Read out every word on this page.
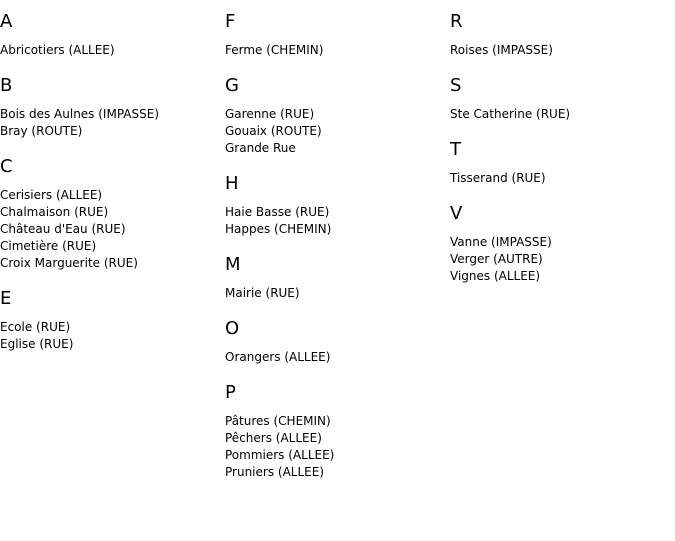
A
Abricotiers (ALLEE)
B
Bois des Aulnes (IMPASSE)
Bray (ROUTE)
C
Cerisiers (ALLEE)
Chalmaison (RUE)
Château d'Eau (RUE)
Cimetière (RUE)
Croix Marguerite (RUE)
E
Ecole (RUE)
Eglise (RUE)
F
Ferme (CHEMIN)
G
Garenne (RUE)
Gouaix (ROUTE)
Grande Rue
H
Haie Basse (RUE)
Happes (CHEMIN)
M
Mairie (RUE)
O
Orangers (ALLEE)
P
Pâtures (CHEMIN)
Pêchers (ALLEE)
Pommiers (ALLEE)
Pruniers (ALLEE)
R
Roises (IMPASSE)
S
Ste Catherine (RUE)
T
Tisserand (RUE)
V
Vanne (IMPASSE)
Verger (AUTRE)
Vignes (ALLEE)
